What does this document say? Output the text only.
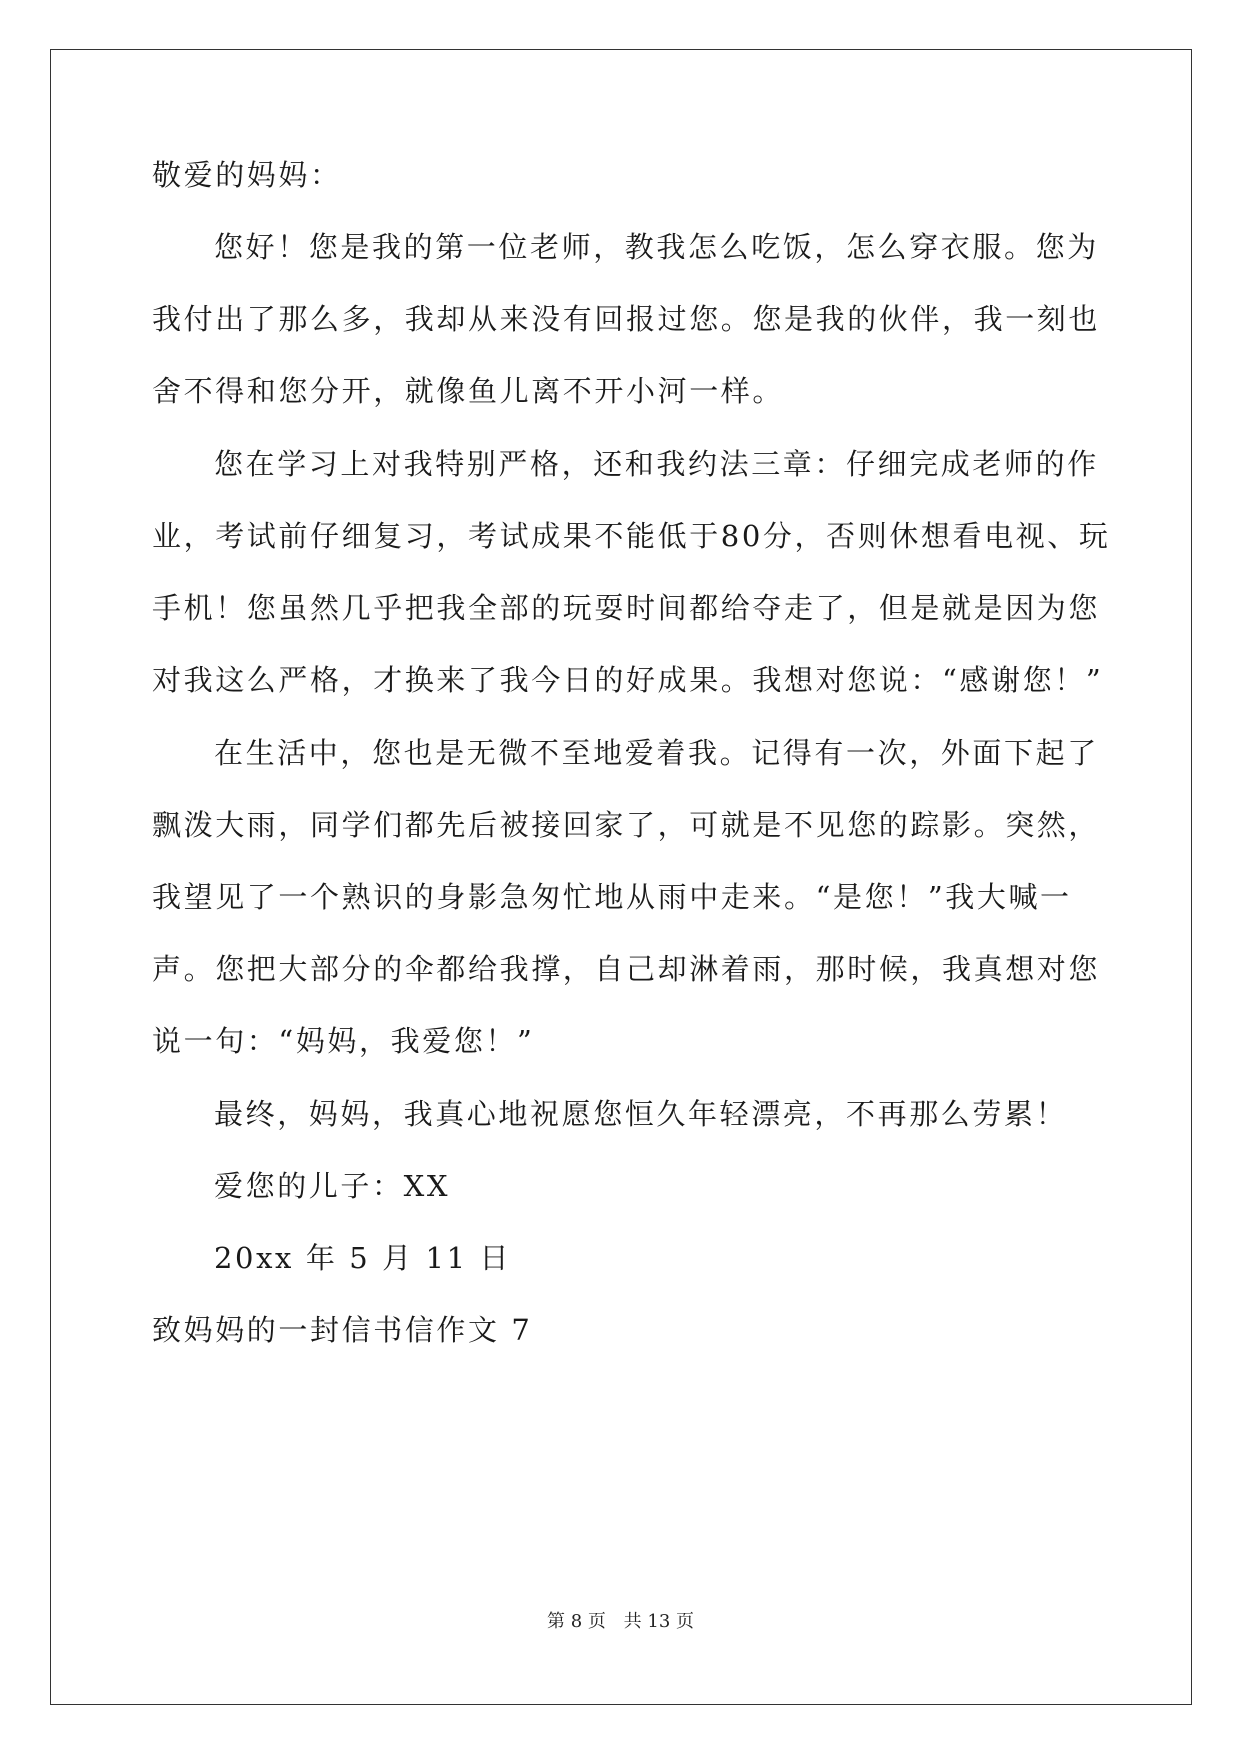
敬爱的妈妈：
您好！您是我的第一位老师，教我怎么吃饭，怎么穿衣服。您为
我付出了那么多，我却从来没有回报过您。您是我的伙伴，我一刻也
舍不得和您分开，就像鱼儿离不开小河一样。
您在学习上对我特别严格，还和我约法三章：仔细完成老师的作
业，考试前仔细复习，考试成果不能低于80分，否则休想看电视、玩
手机！您虽然几乎把我全部的玩耍时间都给夺走了，但是就是因为您
对我这么严格，才换来了我今日的好成果。我想对您说：“感谢您！”
在生活中，您也是无微不至地爱着我。记得有一次，外面下起了
飘泼大雨，同学们都先后被接回家了，可就是不见您的踪影。突然，
我望见了一个熟识的身影急匆忙地从雨中走来。“是您！”我大喊一
声。您把大部分的伞都给我撑，自己却淋着雨，那时候，我真想对您
说一句：“妈妈，我爱您！”
最终，妈妈，我真心地祝愿您恒久年轻漂亮，不再那么劳累！
爱您的儿子：XX
20xx 年 5 月 11 日
致妈妈的一封信书信作文 7
第 8 页 共 13 页
